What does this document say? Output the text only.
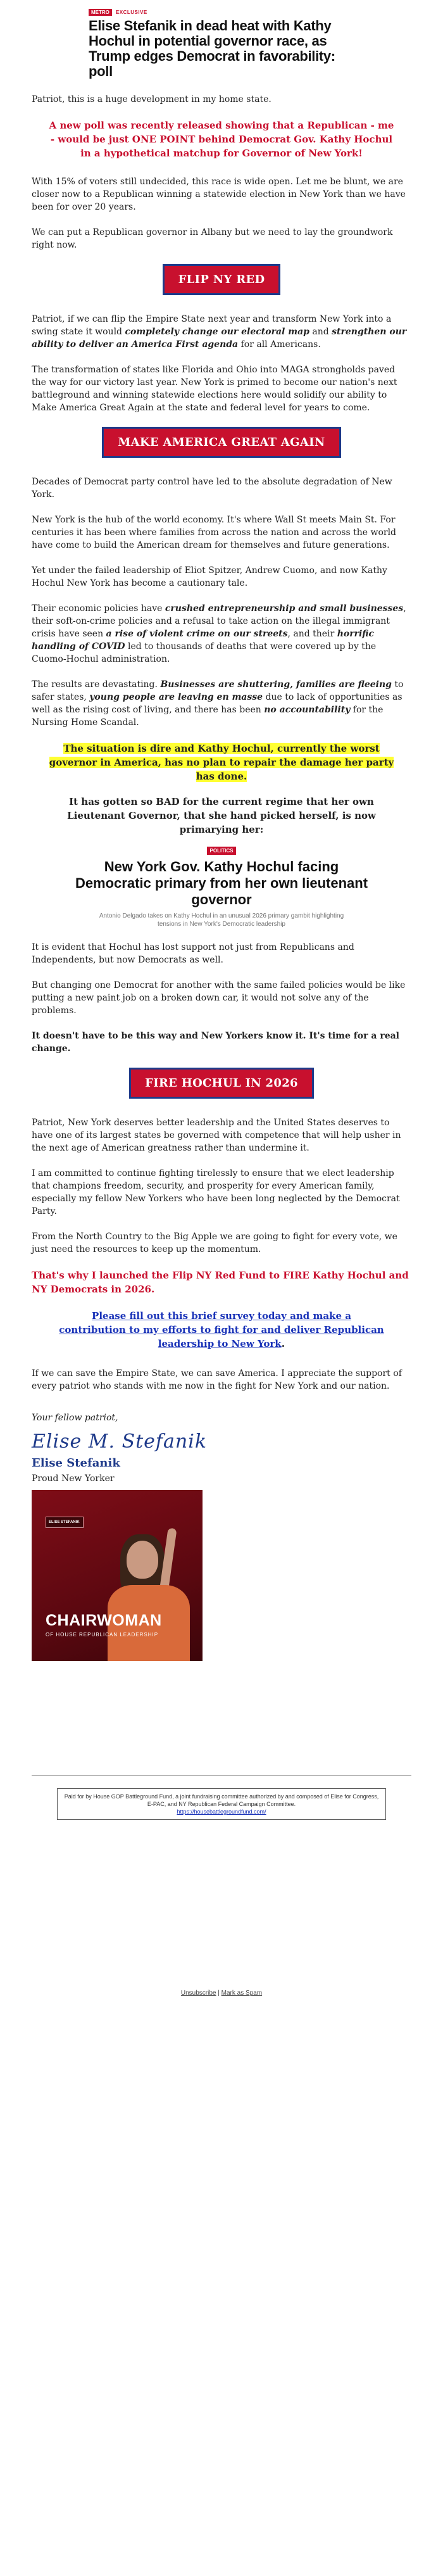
METRO	EXCLUSIVE
Elise Stefanik in dead heat with Kathy Hochul in potential governor race, as Trump edges Democrat in favorability: poll

Patriot, this is a huge development in my home state.

A new poll was recently released showing that a Republican - me - would be just ONE POINT behind Democrat Gov. Kathy Hochul in a hypothetical matchup for Governor of New York!

With 15% of voters still undecided, this race is wide open. Let me be blunt, we are closer now to a Republican winning a statewide election in New York than we have been for over 20 years.

We can put a Republican governor in Albany but we need to lay the groundwork right now.

FLIP NY RED

Patriot, if we can flip the Empire State next year and transform New York into a swing state it would completely change our electoral map and strengthen our ability to deliver an America First agenda for all Americans.

The transformation of states like Florida and Ohio into MAGA strongholds paved the way for our victory last year. New York is primed to become our nation's next battleground and winning statewide elections here would solidify our ability to Make America Great Again at the state and federal level for years to come.

MAKE AMERICA GREAT AGAIN

Decades of Democrat party control have led to the absolute degradation of New York.

New York is the hub of the world economy. It's where Wall St meets Main St. For centuries it has been where families from across the nation and across the world have come to build the American dream for themselves and future generations.

Yet under the failed leadership of Eliot Spitzer, Andrew Cuomo, and now Kathy Hochul New York has become a cautionary tale.

Their economic policies have crushed entrepreneurship and small businesses, their soft-on-crime policies and a refusal to take action on the illegal immigrant crisis have seen a rise of violent crime on our streets, and their horrific handling of COVID led to thousands of deaths that were covered up by the Cuomo-Hochul administration.

The results are devastating. Businesses are shuttering, families are fleeing to safer states, young people are leaving en masse due to lack of opportunities as well as the rising cost of living, and there has been no accountability for the Nursing Home Scandal.

The situation is dire and Kathy Hochul, currently the worst governor in America, has no plan to repair the damage her party has done.

It has gotten so BAD for the current regime that her own Lieutenant Governor, that she hand picked herself, is now primarying her:

POLITICS
New York Gov. Kathy Hochul facing Democratic primary from her own lieutenant governor
Antonio Delgado takes on Kathy Hochul in an unusual 2026 primary gambit highlighting tensions in New York's Democratic leadership

It is evident that Hochul has lost support not just from Republicans and Independents, but now Democrats as well.

But changing one Democrat for another with the same failed policies would be like putting a new paint job on a broken down car, it would not solve any of the problems.

It doesn't have to be this way and New Yorkers know it. It's time for a real change.

FIRE HOCHUL IN 2026

Patriot, New York deserves better leadership and the United States deserves to have one of its largest states be governed with competence that will help usher in the next age of American greatness rather than undermine it.

I am committed to continue fighting tirelessly to ensure that we elect leadership that champions freedom, security, and prosperity for every American family, especially my fellow New Yorkers who have been long neglected by the Democrat Party.

From the North Country to the Big Apple we are going to fight for every vote, we just need the resources to keep up the momentum.

That's why I launched the Flip NY Red Fund to FIRE Kathy Hochul and NY Democrats in 2026.

Please fill out this brief survey today and make a contribution to my efforts to fight for and deliver Republican leadership to New York.

If we can save the Empire State, we can save America. I appreciate the support of every patriot who stands with me now in the fight for New York and our nation.

Your fellow patriot,

Elise M. Stefanik

Elise Stefanik

Proud New Yorker

ELISE STEFANIK
CHAIRWOMAN
OF HOUSE REPUBLICAN LEADERSHIP
Paid for by House GOP Battleground Fund, a joint fundraising committee authorized by and composed of Elise for Congress, E-PAC, and NY Republican Federal Campaign Committee.
https://housebattlegroundfund.com/
Unsubscribe | Mark as Spam
